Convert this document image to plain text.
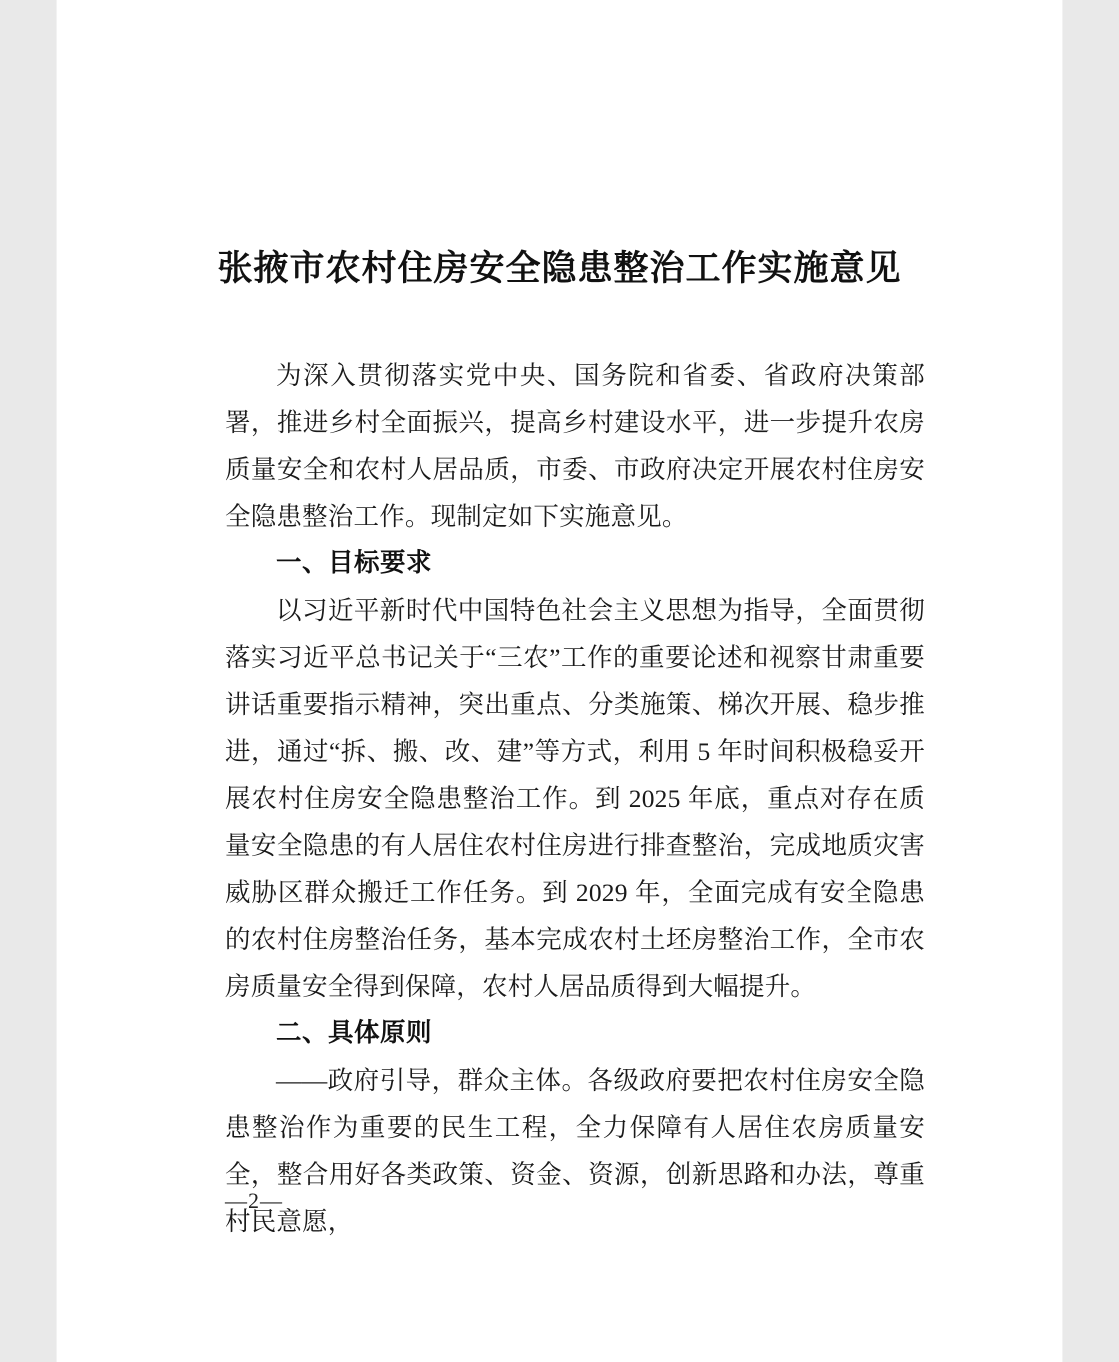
张掖市农村住房安全隐患整治工作实施意见

为深入贯彻落实党中央、国务院和省委、省政府决策部署，推进乡村全面振兴，提高乡村建设水平，进一步提升农房质量安全和农村人居品质，市委、市政府决定开展农村住房安全隐患整治工作。现制定如下实施意见。

一、目标要求

以习近平新时代中国特色社会主义思想为指导，全面贯彻落实习近平总书记关于“三农”工作的重要论述和视察甘肃重要讲话重要指示精神，突出重点、分类施策、梯次开展、稳步推进，通过“拆、搬、改、建”等方式，利用 5 年时间积极稳妥开展农村住房安全隐患整治工作。到 2025 年底，重点对存在质量安全隐患的有人居住农村住房进行排查整治，完成地质灾害威胁区群众搬迁工作任务。到 2029 年，全面完成有安全隐患的农村住房整治任务，基本完成农村土坯房整治工作，全市农房质量安全得到保障，农村人居品质得到大幅提升。

二、具体原则

——政府引导，群众主体。各级政府要把农村住房安全隐患整治作为重要的民生工程，全力保障有人居住农房质量安全，整合用好各类政策、资金、资源，创新思路和办法，尊重村民意愿，

—2—
